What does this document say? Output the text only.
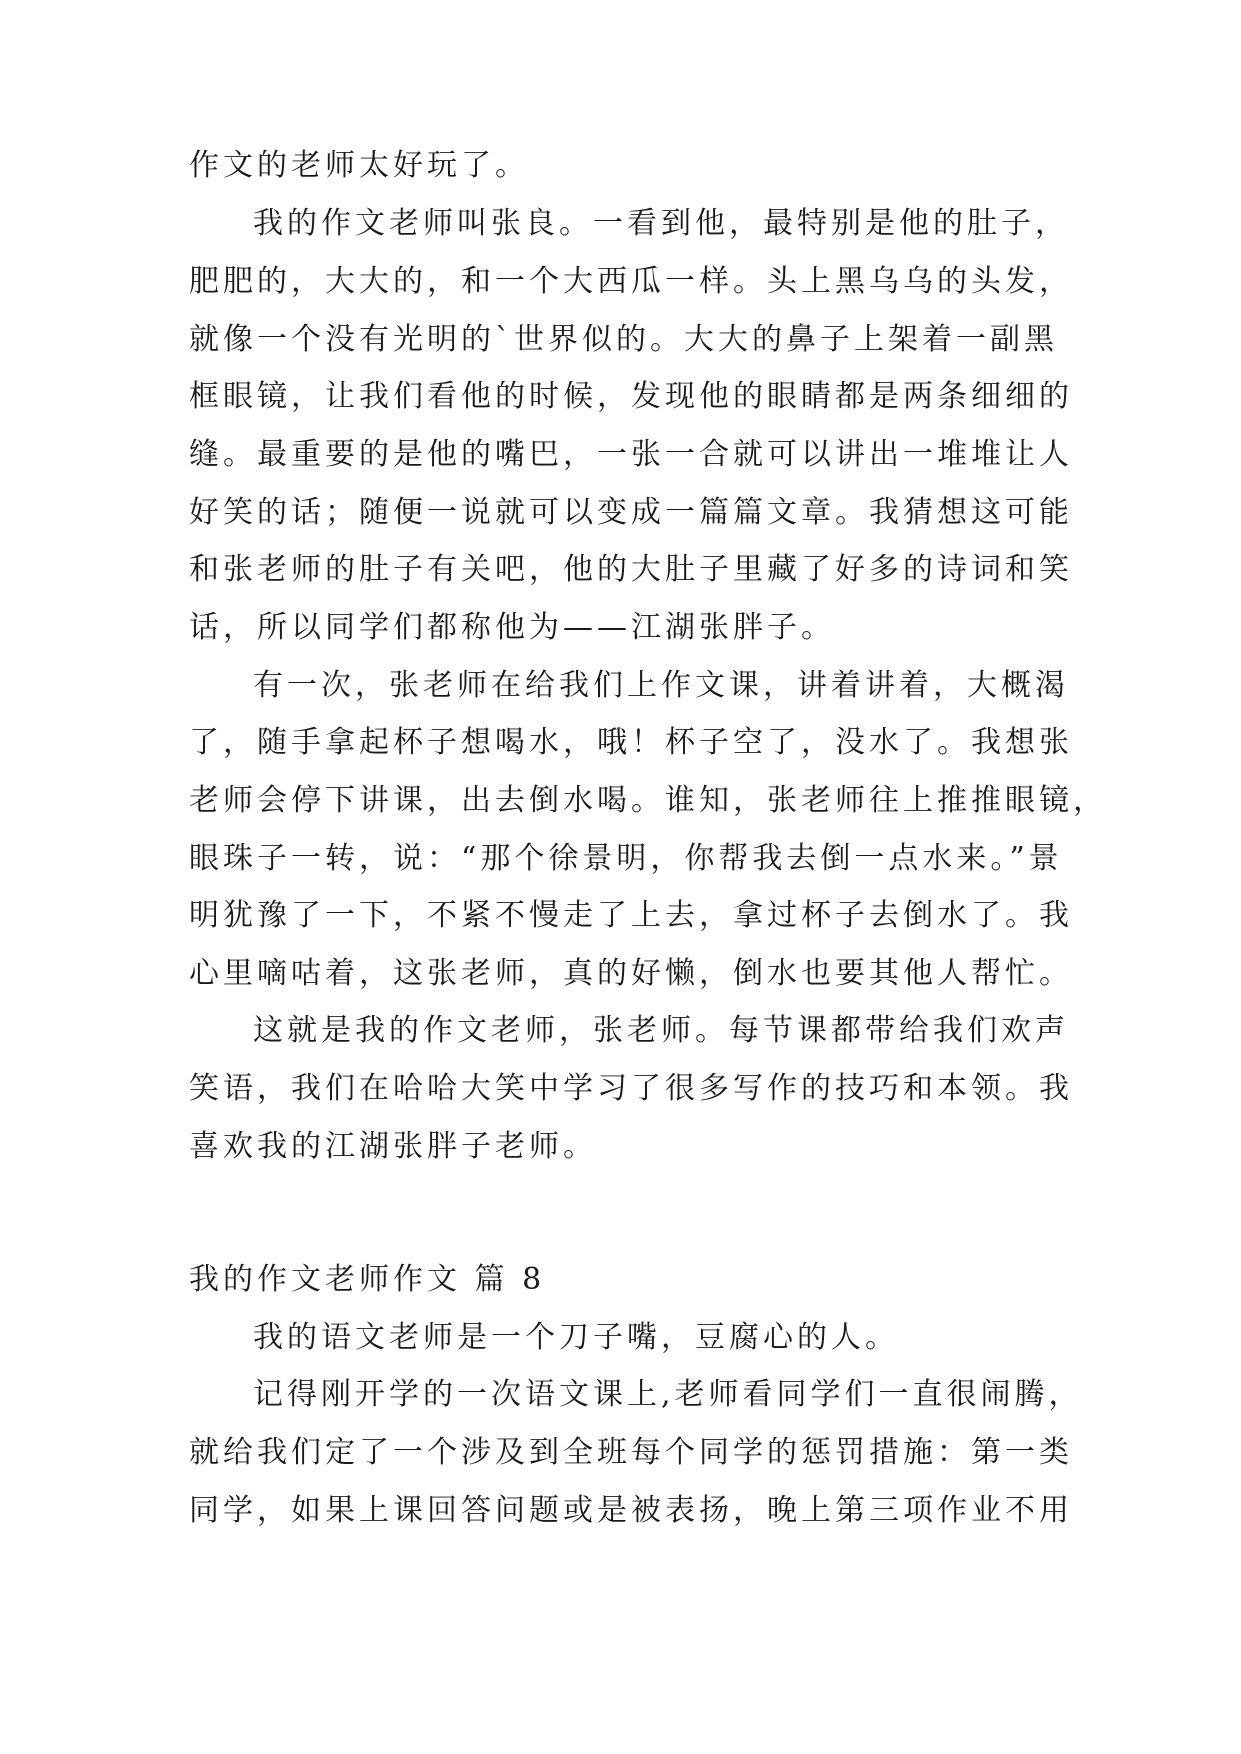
作文的老师太好玩了。
我的作文老师叫张良。一看到他，最特别是他的肚子，
肥肥的，大大的，和一个大西瓜一样。头上黑乌乌的头发，
就像一个没有光明的`世界似的。大大的鼻子上架着一副黑
框眼镜，让我们看他的时候，发现他的眼睛都是两条细细的
缝。最重要的是他的嘴巴，一张一合就可以讲出一堆堆让人
好笑的话；随便一说就可以变成一篇篇文章。我猜想这可能
和张老师的肚子有关吧，他的大肚子里藏了好多的诗词和笑
话，所以同学们都称他为——江湖张胖子。
有一次，张老师在给我们上作文课，讲着讲着，大概渴
了，随手拿起杯子想喝水，哦！杯子空了，没水了。我想张
老师会停下讲课，出去倒水喝。谁知，张老师往上推推眼镜，
眼珠子一转，说：“那个徐景明，你帮我去倒一点水来。”景
明犹豫了一下，不紧不慢走了上去，拿过杯子去倒水了。我
心里嘀咕着，这张老师，真的好懒，倒水也要其他人帮忙。
这就是我的作文老师，张老师。每节课都带给我们欢声
笑语，我们在哈哈大笑中学习了很多写作的技巧和本领。我
喜欢我的江湖张胖子老师。
我的作文老师作文 篇 8
我的语文老师是一个刀子嘴，豆腐心的人。
记得刚开学的一次语文课上,老师看同学们一直很闹腾，
就给我们定了一个涉及到全班每个同学的惩罚措施：第一类
同学，如果上课回答问题或是被表扬，晚上第三项作业不用
